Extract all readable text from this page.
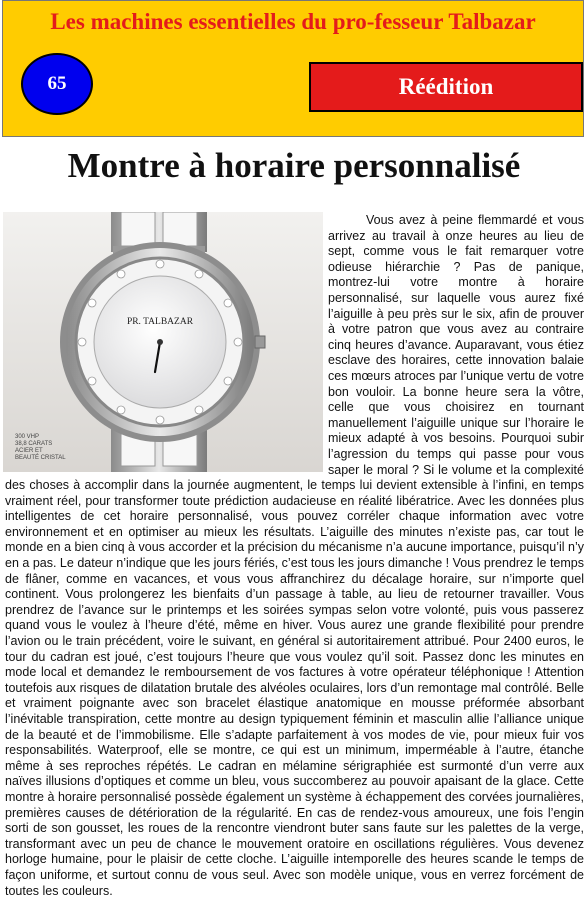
Les machines essentielles du pro-fesseur Talbazar
65	Réédition
Montre à horaire personnalisé
PR. TALBAZAR
300 VHP
38,8 CARATS
ACIER ET
BEAUTÉ CRISTAL

Vous avez à peine flemmardé et vous arrivez au travail à onze heures au lieu de sept, comme vous le fait remarquer votre odieuse hiérarchie ? Pas de panique, montrez-lui votre montre à horaire personnalisé, sur laquelle vous aurez fixé l’aiguille à peu près sur le six, afin de prouver à votre patron que vous avez au contraire cinq heures d’avance. Auparavant, vous étiez esclave des horaires, cette innovation balaie ces mœurs atroces par l’unique vertu de votre bon vouloir. La bonne heure sera la vôtre, celle que vous choisirez en tournant manuellement l’aiguille unique sur l’horaire le mieux adapté à vos besoins. Pourquoi subir l’agression du temps qui passe pour vous saper le moral ? Si le volume et la complexité des choses à accomplir dans la journée augmentent, le temps lui devient extensible à l’infini, en temps vraiment réel, pour transformer toute prédiction audacieuse en réalité libératrice. Avec les données plus intelligentes de cet horaire personnalisé, vous pouvez corréler chaque information avec votre environnement et en optimiser au mieux les résultats. L’aiguille des minutes n’existe pas, car tout le monde en a bien cinq à vous accorder et la précision du mécanisme n’a aucune importance, puisqu’il n’y en a pas. Le dateur n’indique que les jours fériés, c’est tous les jours dimanche ! Vous prendrez le temps de flâner, comme en vacances, et vous vous affranchirez du décalage horaire, sur n’importe quel continent. Vous prolongerez les bienfaits d’un passage à table, au lieu de retourner travailler. Vous prendrez de l’avance sur le printemps et les soirées sympas selon votre volonté, puis vous passerez quand vous le voulez à l’heure d’été, même en hiver. Vous aurez une grande flexibilité pour prendre l’avion ou le train précédent, voire le suivant, en général si autoritairement attribué. Pour 2400 euros, le tour du cadran est joué, c’est toujours l’heure que vous voulez qu’il soit. Passez donc les minutes en mode local et demandez le remboursement de vos factures à votre opérateur téléphonique ! Attention toutefois aux risques de dilatation brutale des alvéoles oculaires, lors d’un remontage mal contrôlé. Belle et vraiment poignante avec son bracelet élastique anatomique en mousse préformée absorbant l’inévitable transpiration, cette montre au design typiquement féminin et masculin allie l’alliance unique de la beauté et de l’immobilisme. Elle s’adapte parfaitement à vos modes de vie, pour mieux fuir vos responsabilités. Waterproof, elle se montre, ce qui est un minimum, imperméable à l’autre, étanche même à ses reproches répétés. Le cadran en mélamine sérigraphiée est surmonté d’un verre aux naïves illusions d’optiques et comme un bleu, vous succomberez au pouvoir apaisant de la glace. Cette montre à horaire personnalisé possède également un système à échappement des corvées journalières, premières causes de détérioration de la régularité. En cas de rendez-vous amoureux, une fois l’engin sorti de son gousset, les roues de la rencontre viendront buter sans faute sur les palettes de la verge, transformant avec un peu de chance le mouvement oratoire en oscillations régulières. Vous devenez horloge humaine, pour le plaisir de cette cloche. L’aiguille intemporelle des heures scande le temps de façon uniforme, et surtout connu de vous seul. Avec son modèle unique, vous en verrez forcément de toutes les couleurs.
